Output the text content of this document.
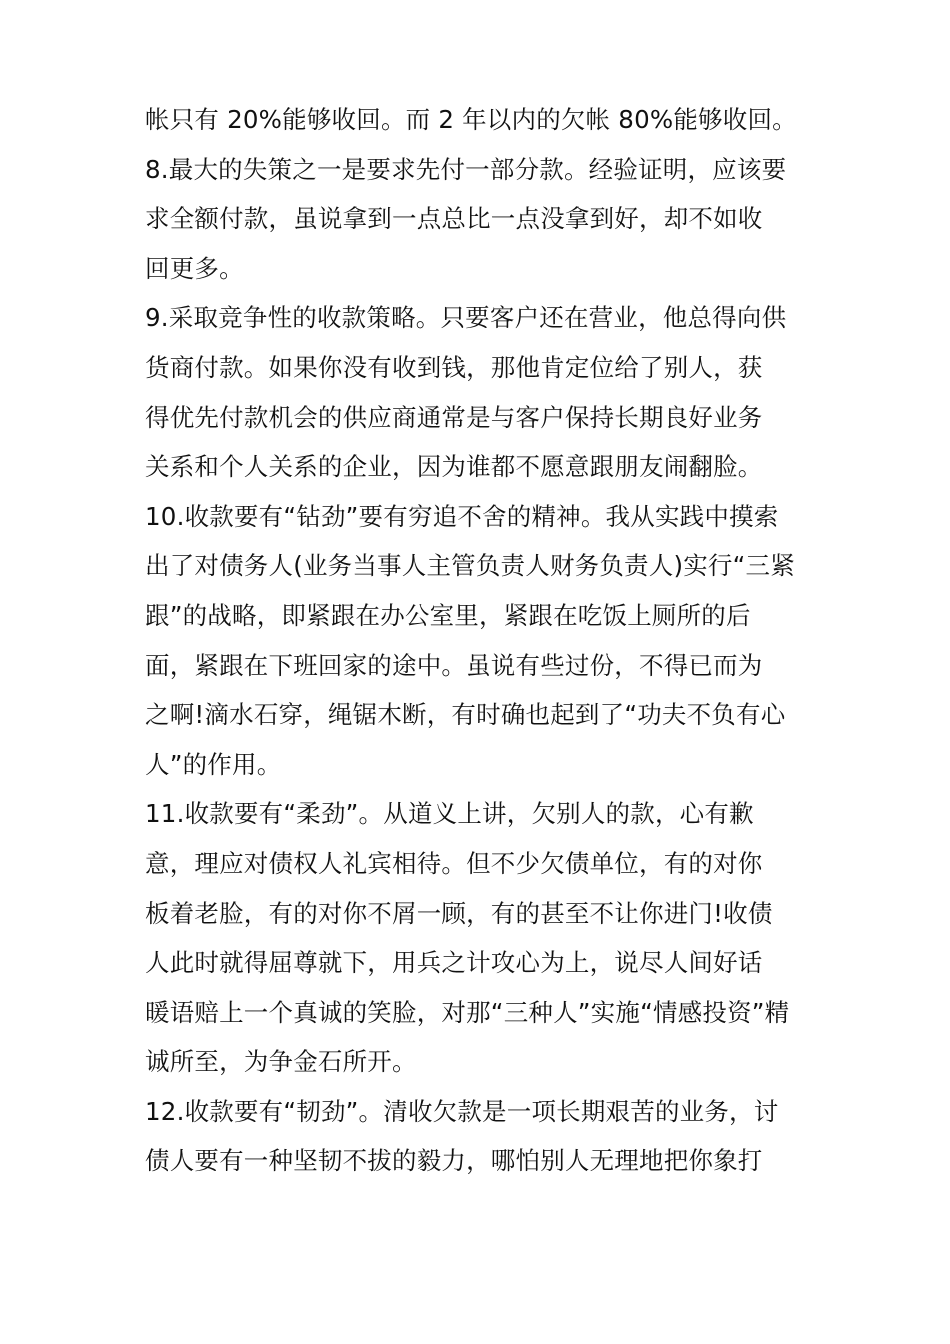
帐只有 20%能够收回。而 2 年以内的欠帐 80%能够收回。
8.最大的失策之一是要求先付一部分款。经验证明，应该要
求全额付款，虽说拿到一点总比一点没拿到好，却不如收
回更多。
9.采取竞争性的收款策略。只要客户还在营业，他总得向供
货商付款。如果你没有收到钱，那他肯定位给了别人，获
得优先付款机会的供应商通常是与客户保持长期良好业务
关系和个人关系的企业，因为谁都不愿意跟朋友闹翻脸。
10.收款要有“钻劲”要有穷追不舍的精神。我从实践中摸索
出了对债务人(业务当事人主管负责人财务负责人)实行“三紧
跟”的战略，即紧跟在办公室里，紧跟在吃饭上厕所的后
面，紧跟在下班回家的途中。虽说有些过份，不得已而为
之啊!滴水石穿，绳锯木断，有时确也起到了“功夫不负有心
人”的作用。
11.收款要有“柔劲”。从道义上讲，欠别人的款，心有歉
意，理应对债权人礼宾相待。但不少欠债单位，有的对你
板着老脸，有的对你不屑一顾，有的甚至不让你进门!收债
人此时就得屈尊就下，用兵之计攻心为上，说尽人间好话
暖语赔上一个真诚的笑脸，对那“三种人”实施“情感投资”精
诚所至，为争金石所开。
12.收款要有“韧劲”。清收欠款是一项长期艰苦的业务，讨
债人要有一种坚韧不拔的毅力，哪怕别人无理地把你象打
